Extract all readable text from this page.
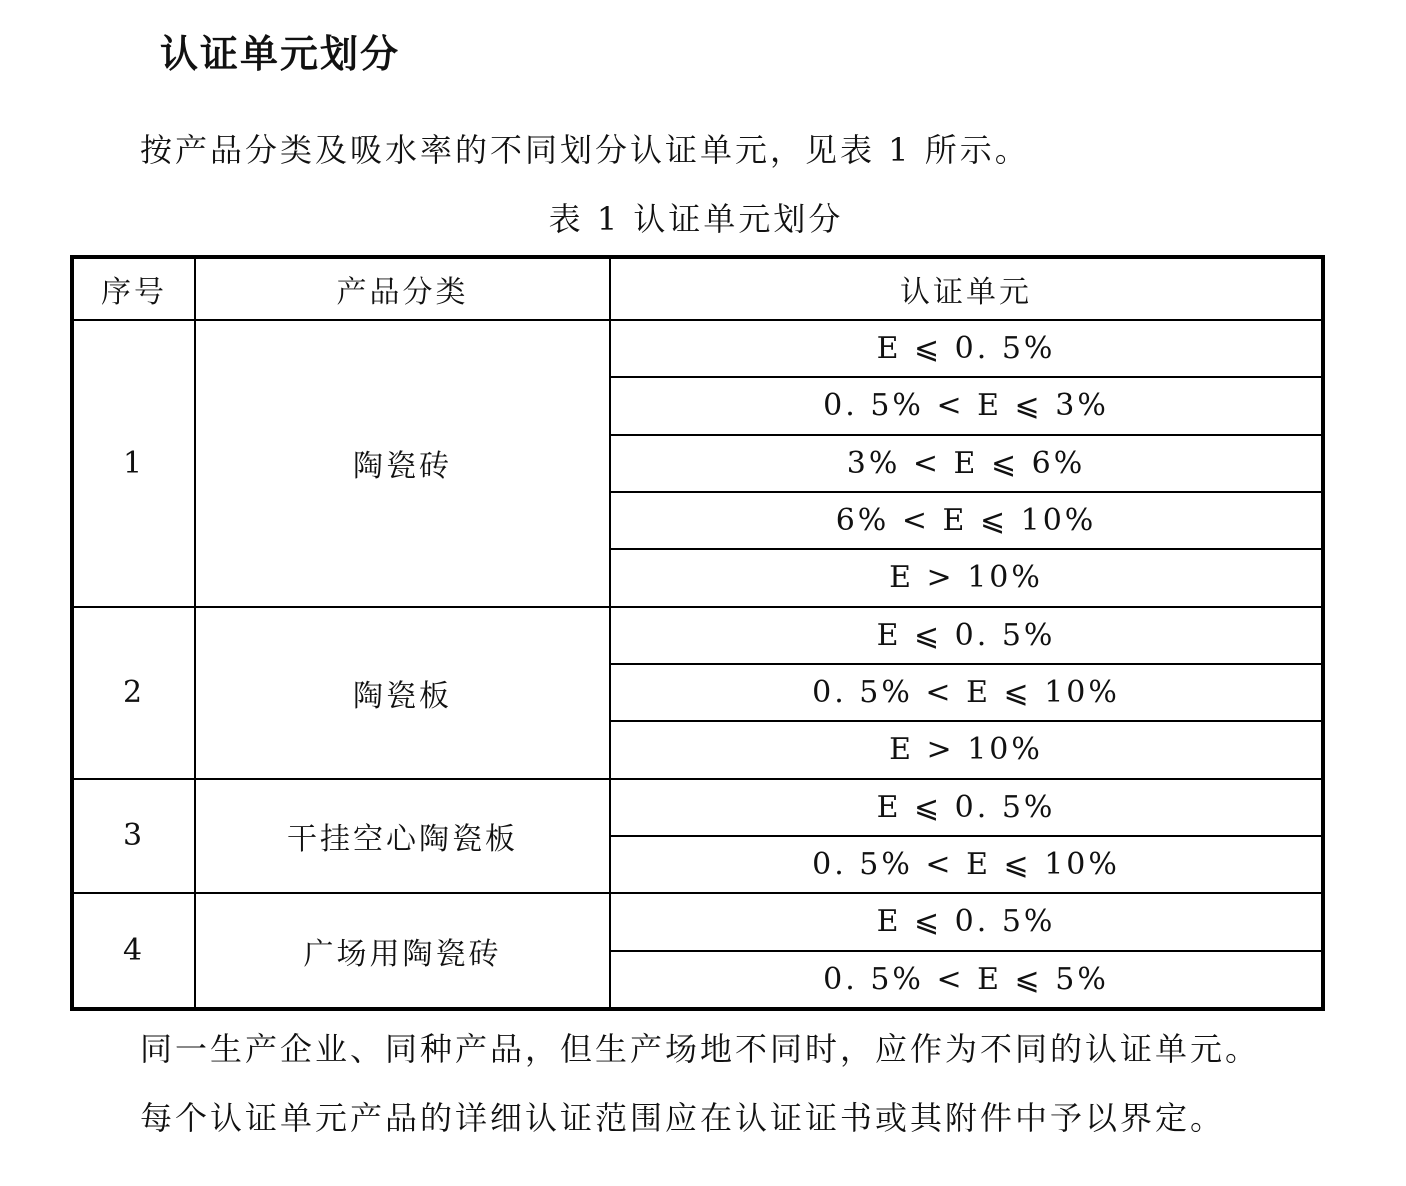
认证单元划分
按产品分类及吸水率的不同划分认证单元，见表 1 所示。
表 1 认证单元划分
序号	产品分类	认证单元
1	陶瓷砖	E ⩽ 0. 5%
		0. 5% < E ⩽ 3%
		3% < E ⩽ 6%
		6% < E ⩽ 10%
		E > 10%
2	陶瓷板	E ⩽ 0. 5%
		0. 5% < E ⩽ 10%
		E > 10%
3	干挂空心陶瓷板	E ⩽ 0. 5%
		0. 5% < E ⩽ 10%
4	广场用陶瓷砖	E ⩽ 0. 5%
		0. 5% < E ⩽ 5%
同一生产企业、同种产品，但生产场地不同时，应作为不同的认证单元。
每个认证单元产品的详细认证范围应在认证证书或其附件中予以界定。
